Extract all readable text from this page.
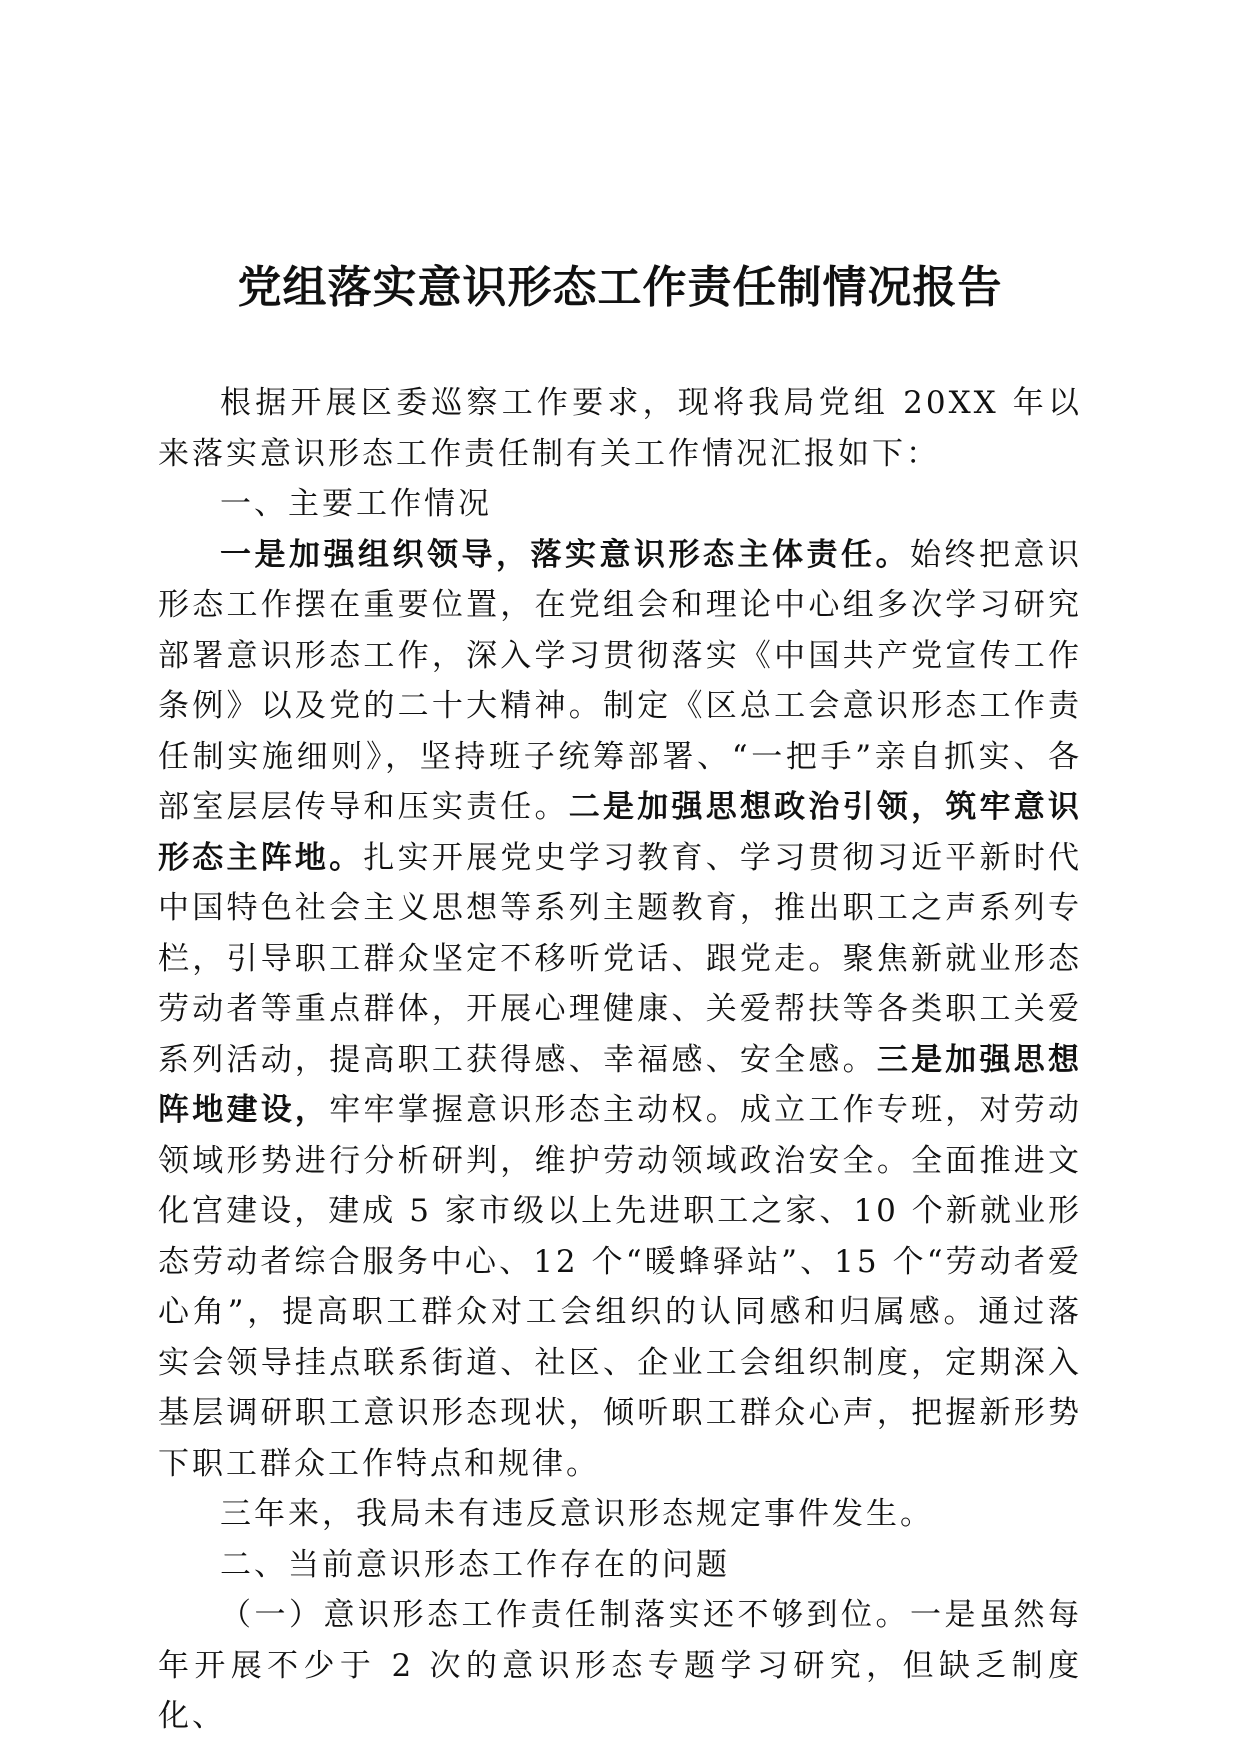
党组落实意识形态工作责任制情况报告

根据开展区委巡察工作要求，现将我局党组 20XX 年以来落实意识形态工作责任制有关工作情况汇报如下：

一、主要工作情况

一是加强组织领导，落实意识形态主体责任。始终把意识形态工作摆在重要位置，在党组会和理论中心组多次学习研究部署意识形态工作，深入学习贯彻落实《中国共产党宣传工作条例》以及党的二十大精神。制定《区总工会意识形态工作责任制实施细则》，坚持班子统筹部署、“一把手”亲自抓实、各部室层层传导和压实责任。二是加强思想政治引领，筑牢意识形态主阵地。扎实开展党史学习教育、学习贯彻习近平新时代中国特色社会主义思想等系列主题教育，推出职工之声系列专栏，引导职工群众坚定不移听党话、跟党走。聚焦新就业形态劳动者等重点群体，开展心理健康、关爱帮扶等各类职工关爱系列活动，提高职工获得感、幸福感、安全感。三是加强思想阵地建设，牢牢掌握意识形态主动权。成立工作专班，对劳动领域形势进行分析研判，维护劳动领域政治安全。全面推进文化宫建设，建成 5 家市级以上先进职工之家、10 个新就业形态劳动者综合服务中心、12 个“暖蜂驿站”、15 个“劳动者爱心角”，提高职工群众对工会组织的认同感和归属感。通过落实会领导挂点联系街道、社区、企业工会组织制度，定期深入基层调研职工意识形态现状，倾听职工群众心声，把握新形势下职工群众工作特点和规律。

三年来，我局未有违反意识形态规定事件发生。

二、当前意识形态工作存在的问题

（一）意识形态工作责任制落实还不够到位。一是虽然每年开展不少于 2 次的意识形态专题学习研究，但缺乏制度化、
